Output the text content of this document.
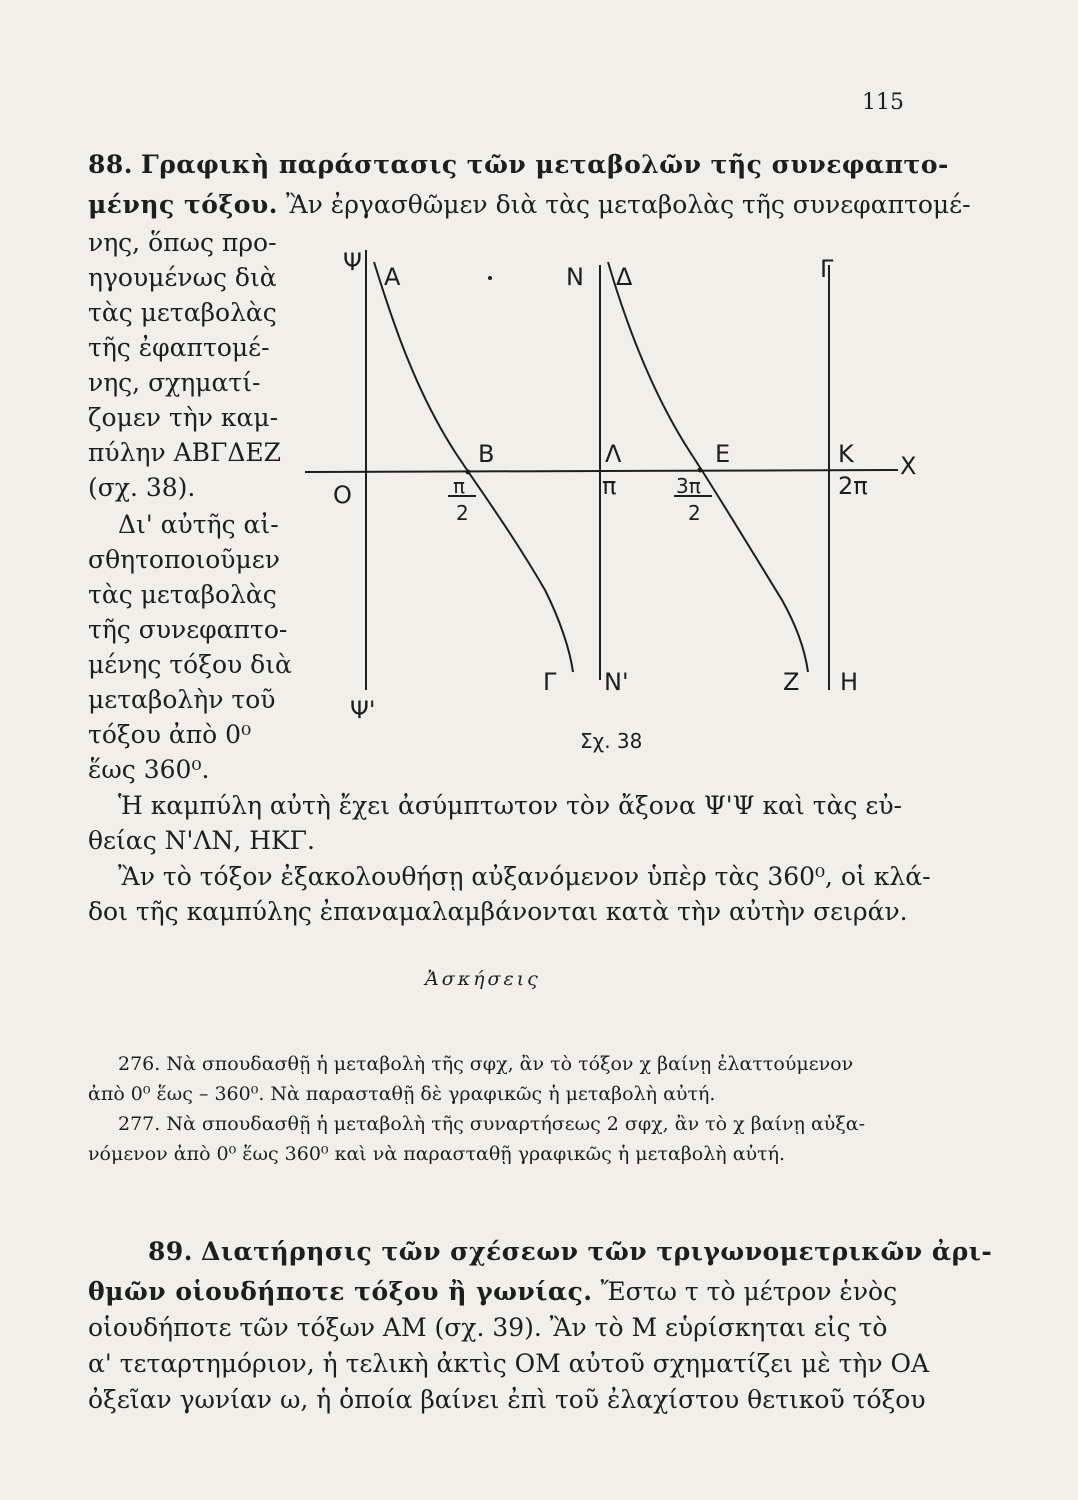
115
88. Γραφικὴ παράστασις τῶν μεταβολῶν τῆς συνεφαπτο-
μένης τόξου. Ἂν ἐργασθῶμεν διὰ τὰς μεταβολὰς τῆς συνεφαπτομέ-
νης, ὅπως προ-
ηγουμένως διὰ
τὰς μεταβολὰς
τῆς ἐφαπτομέ-
νης, σχηματί-
ζομεν τὴν καμ-
πύλην ΑΒΓΔΕΖ
(σχ. 38).
Δι' αὐτῆς αἰ-
σθητοποιοῦμεν
τὰς μεταβολὰς
τῆς συνεφαπτο-
μένης τόξου διὰ
μεταβολὴν τοῦ
τόξου ἀπὸ 0⁰
ἕως 360⁰.
Ψ
Α	Ν Δ	Γ
Β	Λ	Ε	Κ Χ
Ο	π
2
π	3π
2
2π
Γ Ν'	Ζ Η
Ψ'
Σχ. 38
Ἡ καμπύλη αὐτὴ ἔχει ἀσύμπτωτον τὸν ἄξονα Ψ'Ψ καὶ τὰς εὐ-
θείας Ν'ΛΝ, ΗΚΓ.
Ἂν τὸ τόξον ἐξακολουθήσῃ αὐξανόμενον ὑπὲρ τὰς 360⁰, οἱ κλά-
δοι τῆς καμπύλης ἐπαναμαλαμβάνονται κατὰ τὴν αὐτὴν σειράν.
Ἀσκήσεις
276. Νὰ σπουδασθῇ ἡ μεταβολὴ τῆς σφχ, ἂν τὸ τόξον χ βαίνῃ ἐλαττούμενον
ἀπὸ 0⁰ ἕως – 360⁰. Νὰ παρασταθῇ δὲ γραφικῶς ἡ μεταβολὴ αὐτή.
277. Νὰ σπουδασθῇ ἡ μεταβολὴ τῆς συναρτήσεως 2 σφχ, ἂν τὸ χ βαίνῃ αὐξα-
νόμενον ἀπὸ 0⁰ ἕως 360⁰ καὶ νὰ παρασταθῇ γραφικῶς ἡ μεταβολὴ αὐτή.
89. Διατήρησις τῶν σχέσεων τῶν τριγωνομετρικῶν ἀρι-
θμῶν οἱουδήποτε τόξου ἢ γωνίας. Ἔστω τ τὸ μέτρον ἑνὸς
οἱουδήποτε τῶν τόξων ΑΜ (σχ. 39). Ἂν τὸ Μ εὑρίσκηται εἰς τὸ
α' τεταρτημόριον, ἡ τελικὴ ἀκτὶς ΟΜ αὐτοῦ σχηματίζει μὲ τὴν ΟΑ
ὀξεῖαν γωνίαν ω, ἡ ὁποία βαίνει ἐπὶ τοῦ ἐλαχίστου θετικοῦ τόξου
